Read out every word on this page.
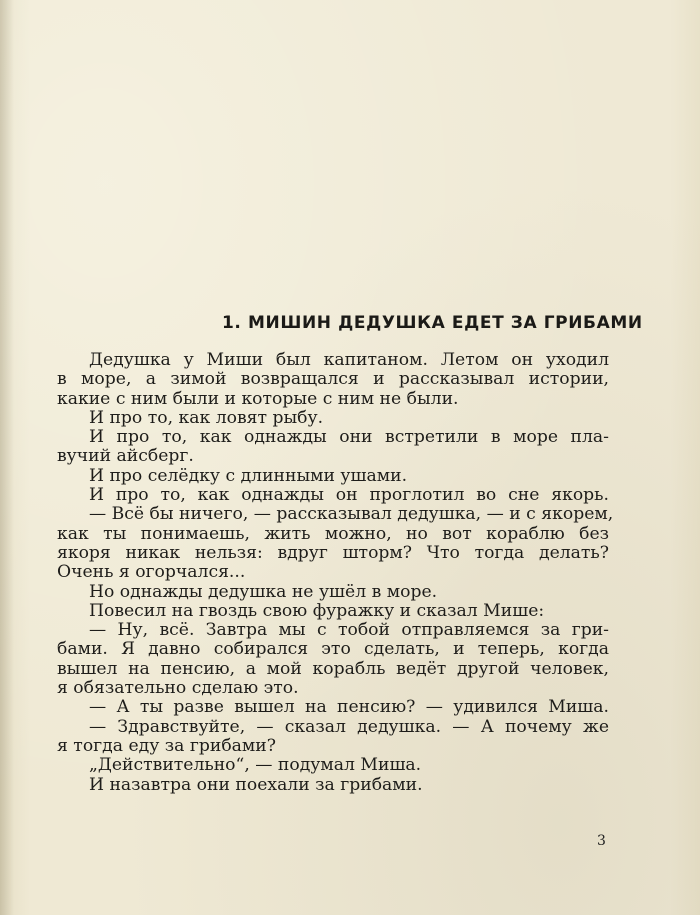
1. МИШИН ДЕДУШКА ЕДЕТ ЗА ГРИБАМИ
Дедушка у Миши был капитаном. Летом он уходил
в море, а зимой возвращался и рассказывал истории,
какие с ним были и которые с ним не были.
И про то, как ловят рыбу.
И про то, как однажды они встретили в море пла-
вучий айсберг.
И про селёдку с длинными ушами.
И про то, как однажды он проглотил во сне якорь.
— Всё бы ничего, — рассказывал дедушка, — и с якорем,
как ты понимаешь, жить можно, но вот кораблю без
якоря никак нельзя: вдруг шторм? Что тогда делать?
Очень я огорчался...
Но однажды дедушка не ушёл в море.
Повесил на гвоздь свою фуражку и сказал Мише:
— Ну, всё. Завтра мы с тобой отправляемся за гри-
бами. Я давно собирался это сделать, и теперь, когда
вышел на пенсию, а мой корабль ведёт другой человек,
я обязательно сделаю это.
— А ты разве вышел на пенсию? — удивился Миша.
— Здравствуйте, — сказал дедушка. — А почему же
я тогда еду за грибами?
„Действительно“, — подумал Миша.
И назавтра они поехали за грибами.
3
